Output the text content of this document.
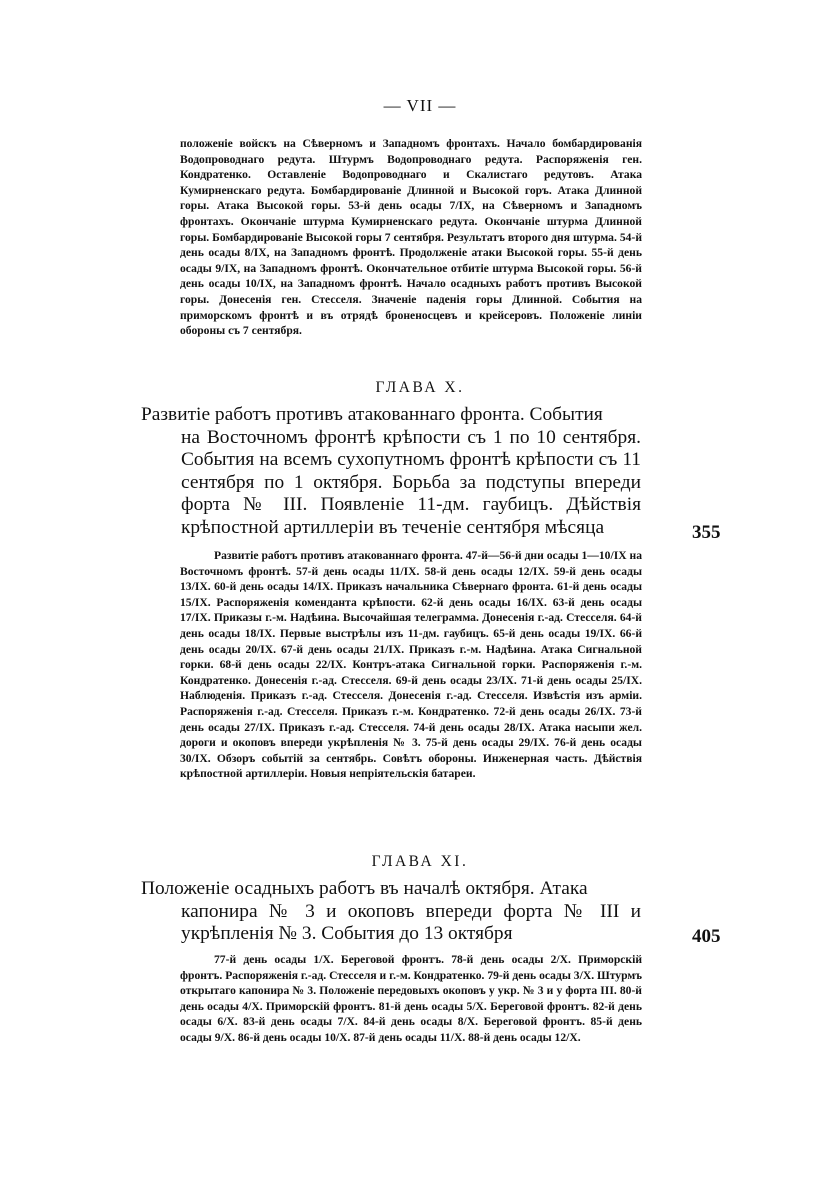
— VII —
положеніе войскъ на Сѣверномъ и Западномъ фронтахъ. Начало бомбардированія Водопроводнаго редута. Штурмъ Водопроводнаго редута. Распоряженія ген. Кондратенко. Оставленіе Водопроводнаго и Скалистаго редутовъ. Атака Кумирненскаго редута. Бомбардированіе Длинной и Высокой горъ. Атака Длинной горы. Атака Высокой горы. 53-й день осады 7/IX, на Сѣверномъ и Западномъ фронтахъ. Окончаніе штурма Кумирненскаго редута. Окончаніе штурма Длинной горы. Бомбардированіе Высокой горы 7 сентября. Результатъ второго дня штурма. 54-й день осады 8/IX, на Западномъ фронтѣ. Продолженіе атаки Высокой горы. 55-й день осады 9/IX, на Западномъ фронтѣ. Окончательное отбитіе штурма Высокой горы. 56-й день осады 10/IX, на Западномъ фронтѣ. Начало осадныхъ работъ противъ Высокой горы. Донесенія ген. Стесселя. Значеніе паденія горы Длинной. События на приморскомъ фронтѣ и въ отрядѣ броненосцевъ и крейсеровъ. Положеніе линіи обороны съ 7 сентября.
ГЛАВА X.
Развитіе работъ противъ атакованнаго фронта. События
на Восточномъ фронтѣ крѣпости съ 1 по 10 сентября. События на всемъ сухопутномъ фронтѣ крѣпости съ 11 сентября по 1 октября. Борьба за подступы впереди форта № III. Появленіе 11-дм. гаубицъ. Дѣйствія крѣпостной артиллеріи въ теченіе сентября мѣсяца	355
Развитіе работъ противъ атакованнаго фронта. 47-й—56-й дни осады 1—10/IX на Восточномъ фронтѣ. 57-й день осады 11/IX. 58-й день осады 12/IX. 59-й день осады 13/IX. 60-й день осады 14/IX. Приказъ начальника Сѣвернаго фронта. 61-й день осады 15/IX. Распоряженія коменданта крѣпости. 62-й день осады 16/IX. 63-й день осады 17/IX. Приказы г.-м. Надѣина. Высочайшая телеграмма. Донесенія г.-ад. Стесселя. 64-й день осады 18/IX. Первые выстрѣлы изъ 11-дм. гаубицъ. 65-й день осады 19/IX. 66-й день осады 20/IX. 67-й день осады 21/IX. Приказъ г.-м. Надѣина. Атака Сигнальной горки. 68-й день осады 22/IX. Контръ-атака Сигнальной горки. Распоряженія г.-м. Кондратенко. Донесенія г.-ад. Стесселя. 69-й день осады 23/IX. 71-й день осады 25/IX. Наблюденія. Приказъ г.-ад. Стесселя. Донесенія г.-ад. Стесселя. Извѣстія изъ арміи. Распоряженія г.-ад. Стесселя. Приказъ г.-м. Кондратенко. 72-й день осады 26/IX. 73-й день осады 27/IX. Приказъ г.-ад. Стесселя. 74-й день осады 28/IX. Атака насыпи жел. дороги и окоповъ впереди укрѣпленія № 3. 75-й день осады 29/IX. 76-й день осады 30/IX. Обзоръ событій за сентябрь. Совѣтъ обороны. Инженерная часть. Дѣйствія крѣпостной артиллеріи. Новыя непріятельскія батареи.
ГЛАВА XI.
Положеніе осадныхъ работъ въ началѣ октября. Атака
капонира № 3 и окоповъ впереди форта № III и укрѣпленія № 3. События до 13 октября	405
77-й день осады 1/X. Береговой фронтъ. 78-й день осады 2/X. Приморскій фронтъ. Распоряженія г.-ад. Стесселя и г.-м. Кондратенко. 79-й день осады 3/X. Штурмъ открытаго капонира № 3. Положеніе передовыхъ окоповъ у укр. № 3 и у форта III. 80-й день осады 4/X. Приморскій фронтъ. 81-й день осады 5/X. Береговой фронтъ. 82-й день осады 6/X. 83-й день осады 7/X. 84-й день осады 8/X. Береговой фронтъ. 85-й день осады 9/X. 86-й день осады 10/X. 87-й день осады 11/X. 88-й день осады 12/X.
